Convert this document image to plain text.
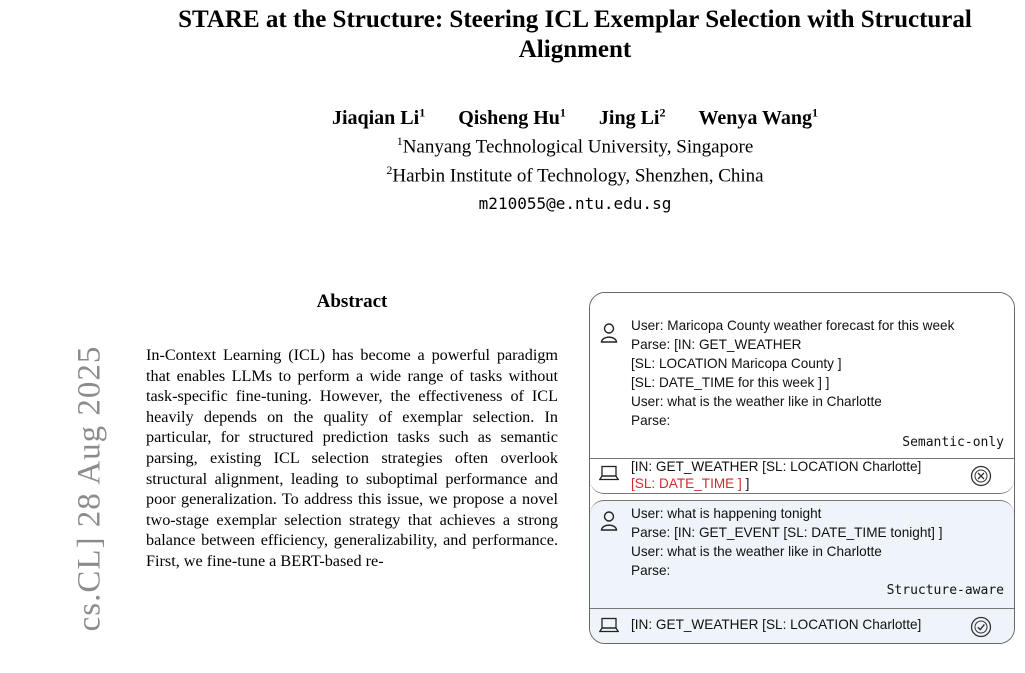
STARE at the Structure: Steering ICL Exemplar Selection with Structural
Alignment
Jiaqian Li$^1$ Qisheng Hu$^1$ Jing Li$^2$ Wenya Wang$^1$
$^1$Nanyang Technological University, Singapore
$^2$Harbin Institute of Technology, Shenzhen, China
m210055@e.ntu.edu.sg
cs.CL] 28 Aug 2025
Abstract

In-Context Learning (ICL) has become a powerful paradigm that enables LLMs to perform a wide range of tasks without task-specific fine-tuning. However, the effectiveness of ICL heavily depends on the quality of exemplar selection. In particular, for structured prediction tasks such as semantic parsing, existing ICL selection strategies often overlook structural alignment, leading to suboptimal performance and poor generalization. To address this issue, we propose a novel two-stage exemplar selection strategy that achieves a strong balance between efficiency, generalizability, and performance. First, we fine-tune a BERT-based re-

User: Maricopa County weather forecast for this week
Parse: [IN: GET_WEATHER
[SL: LOCATION Maricopa County ]
[SL: DATE_TIME for this week ] ]
User: what is the weather like in Charlotte
Parse:
Semantic-only
[IN: GET_WEATHER [SL: LOCATION Charlotte]
[SL: DATE_TIME ] ]
User: what is happening tonight
Parse: [IN: GET_EVENT [SL: DATE_TIME tonight] ]
User: what is the weather like in Charlotte
Parse:
Structure-aware
[IN: GET_WEATHER [SL: LOCATION Charlotte]
